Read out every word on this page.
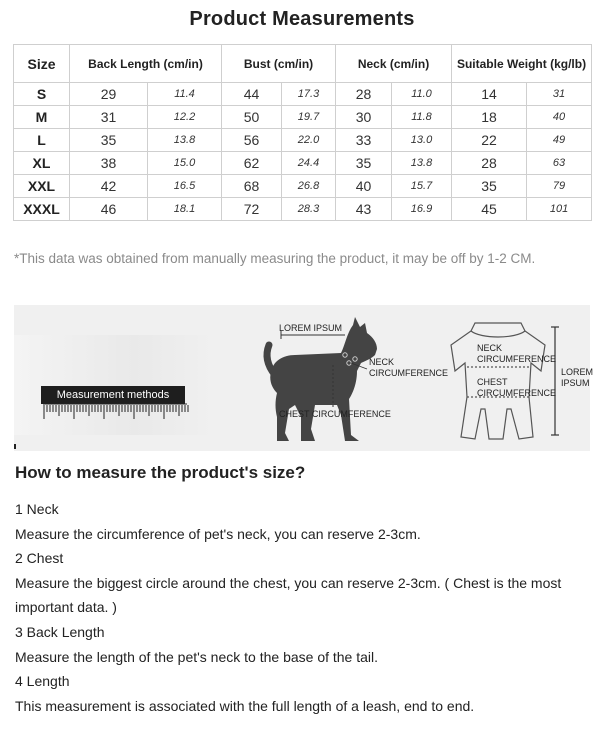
Product Measurements
Size	Back Length (cm/in)		Bust (cm/in)		Neck (cm/in)		Suitable Weight (kg/lb)	
S	29	11.4	44	17.3	28	11.0	14	31
M	31	12.2	50	19.7	30	11.8	18	40
L	35	13.8	56	22.0	33	13.0	22	49
XL	38	15.0	62	24.4	35	13.8	28	63
XXL	42	16.5	68	26.8	40	15.7	35	79
XXXL	46	18.1	72	28.3	43	16.9	45	101
*This data was obtained from manually measuring the product, it may be off by 1-2 CM.
Measurement methods
LOREM IPSUM
NECK
CIRCUMFERENCE
CHEST CIRCUMFERENCE
NECK
CIRCUMFERENCE
CHEST
CIRCUMFERENCE
LOREM
IPSUM
How to measure the product's size?

1 Neck

Measure the circumference of pet's neck, you can reserve 2-3cm.

2 Chest

Measure the biggest circle around the chest, you can reserve 2-3cm. ( Chest is the most important data. )

3 Back Length

Measure the length of the pet's neck to the base of the tail.

4 Length

This measurement is associated with the full length of a leash, end to end.
